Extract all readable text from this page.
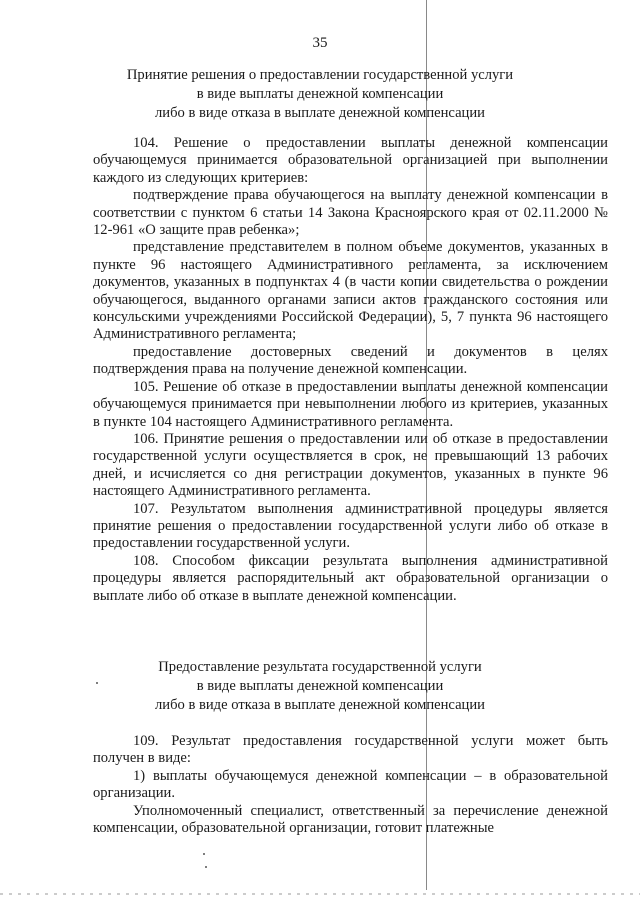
35
Принятие решения о предоставлении государственной услуги
в виде выплаты денежной компенсации
либо в виде отказа в выплате денежной компенсации

104. Решение о предоставлении выплаты денежной компенсации обучающемуся принимается образовательной организацией при выполнении каждого из следующих критериев:

подтверждение права обучающегося на выплату денежной компенсации в соответствии с пунктом 6 статьи 14 Закона Красноярского края от 02.11.2000 № 12-961 «О защите прав ребенка»;

представление представителем в полном объеме документов, указанных в пункте 96 настоящего Административного регламента, за исключением документов, указанных в подпунктах 4 (в части копии свидетельства о рождении обучающегося, выданного органами записи актов гражданского состояния или консульскими учреждениями Российской Федерации), 5, 7 пункта 96 настоящего Административного регламента;

предоставление достоверных сведений и документов в целях подтверждения права на получение денежной компенсации.

105. Решение об отказе в предоставлении выплаты денежной компенсации обучающемуся принимается при невыполнении любого из критериев, указанных в пункте 104 настоящего Административного регламента.

106. Принятие решения о предоставлении или об отказе в предоставлении государственной услуги осуществляется в срок, не превышающий 13 рабочих дней, и исчисляется со дня регистрации документов, указанных в пункте 96 настоящего Административного регламента.

107. Результатом выполнения административной процедуры является принятие решения о предоставлении государственной услуги либо об отказе в предоставлении государственной услуги.

108. Способом фиксации результата выполнения административной процедуры является распорядительный акт образовательной организации о выплате либо об отказе в выплате денежной компенсации.

Предоставление результата государственной услуги
в виде выплаты денежной компенсации
либо в виде отказа в выплате денежной компенсации

109. Результат предоставления государственной услуги может быть получен в виде:

1) выплаты обучающемуся денежной компенсации – в образовательной организации.

Уполномоченный специалист, ответственный за перечисление денежной компенсации, образовательной организации, готовит платежные
